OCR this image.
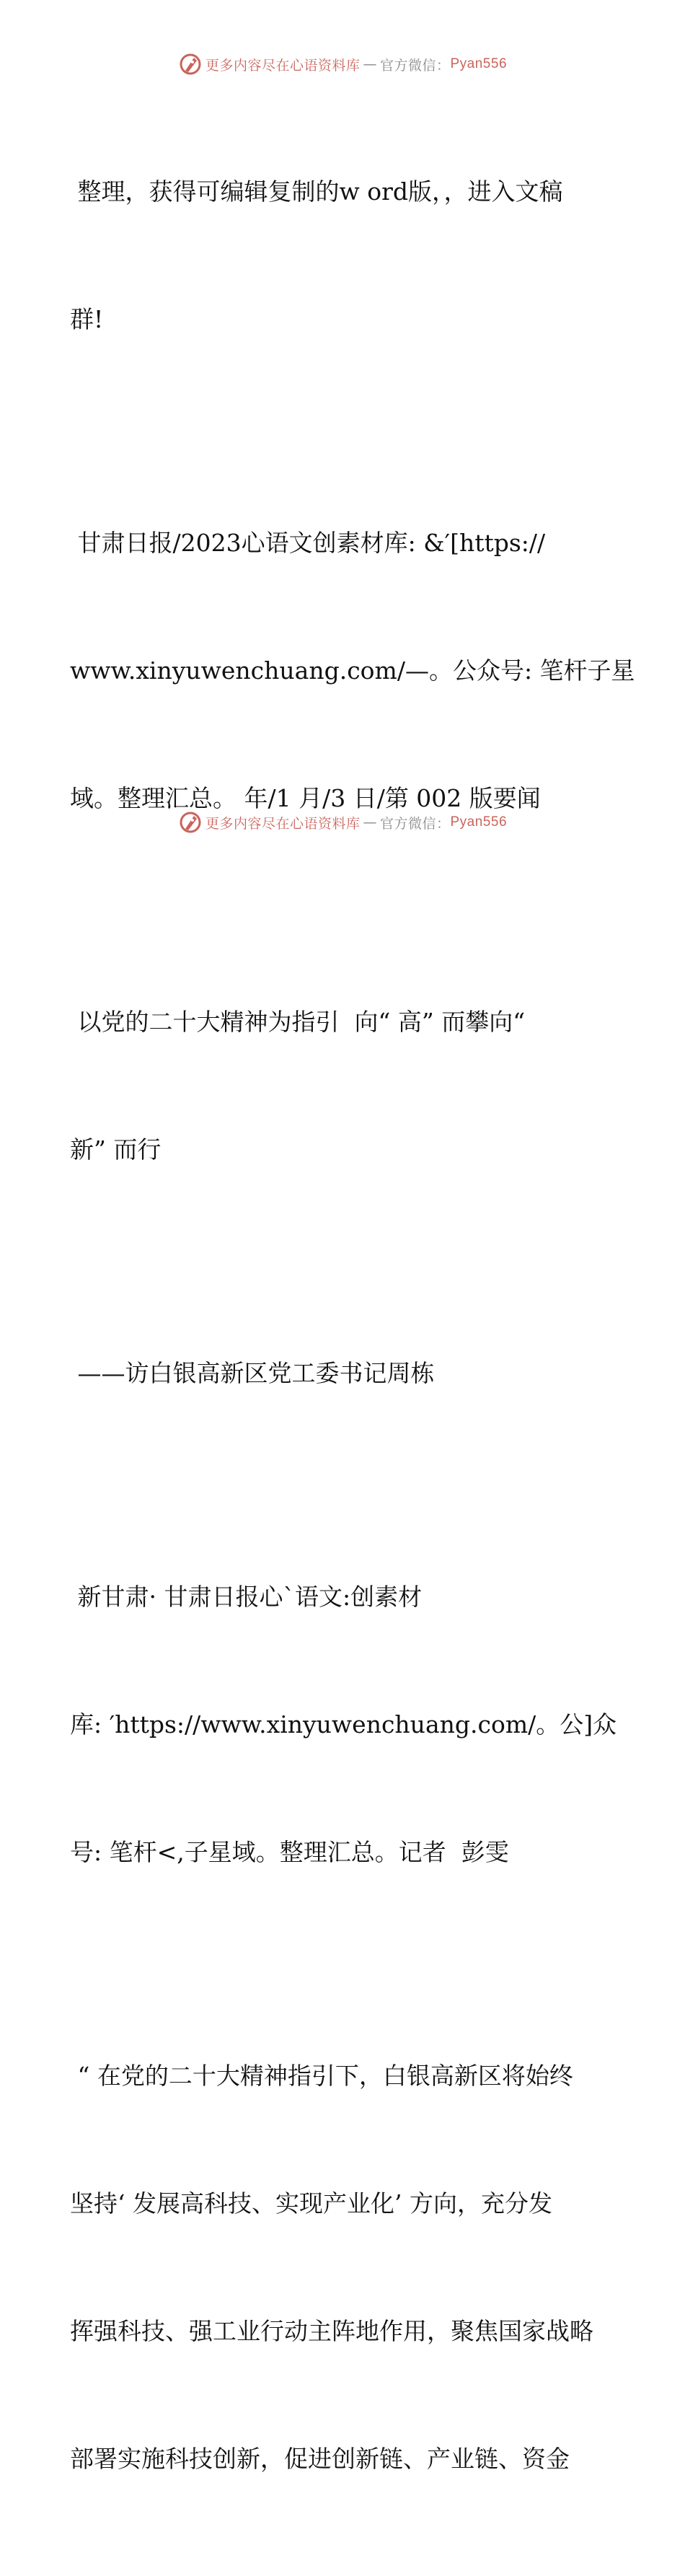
更多内容尽在心语资料库 — 官方微信： Pyan556

整理，获得可编辑复制的w ord版，，进入文稿

群!

甘肃日报/2023心语文创素材库: &′[https://

www.xinyuwenchuang.com/—。公众号: 笔杆子星

域。整理汇总。 年/1 月/3 日/第 002 版要闻

以党的二十大精神为指引  向“ 高” 而攀向“

新” 而行

——访白银高新区党工委书记周栋

新甘肃· 甘肃日报心`语文:创素材

库: ′https://www.xinyuwenchuang.com/。公]众

号: 笔杆<,子星域。整理汇总。记者  彭雯

“ 在党的二十大精神指引下，白银高新区将始终

坚持‘ 发展高科技、实现产业化’ 方向，充分发

挥强科技、强工业行动主阵地作用，聚焦国家战略

部署实施科技创新，促进创新链、产业链、资金

更多内容尽在心语资料库 — 官方微信： Pyan556
